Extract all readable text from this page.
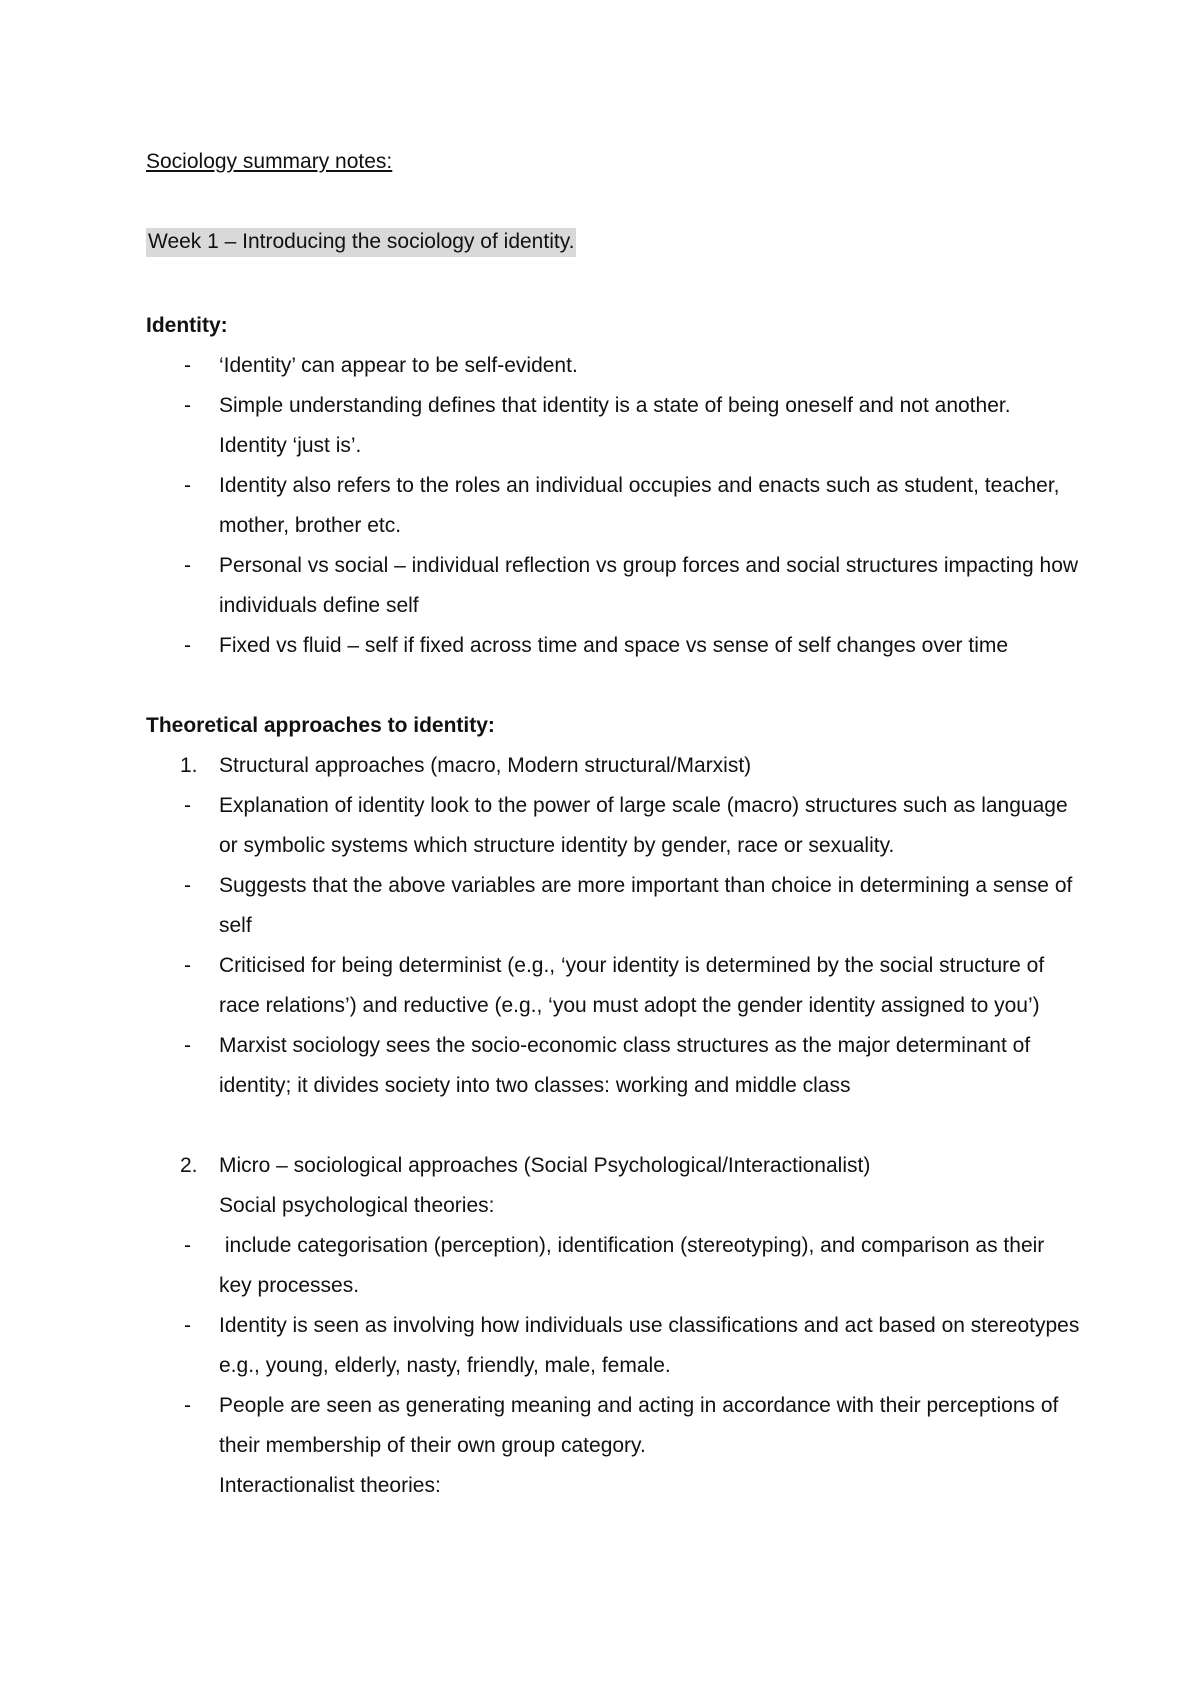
Sociology summary notes:
Week 1 – Introducing the sociology of identity.
Identity:
-	‘Identity’ can appear to be self-evident.
-	Simple understanding defines that identity is a state of being oneself and not another. Identity ‘just is’.
-	Identity also refers to the roles an individual occupies and enacts such as student, teacher, mother, brother etc.
-	Personal vs social – individual reflection vs group forces and social structures impacting how individuals define self
-	Fixed vs fluid – self if fixed across time and space vs sense of self changes over time
Theoretical approaches to identity:
1. Structural approaches (macro, Modern structural/Marxist)
-	Explanation of identity look to the power of large scale (macro) structures such as language or symbolic systems which structure identity by gender, race or sexuality.
-	Suggests that the above variables are more important than choice in determining a sense of self
-	Criticised for being determinist (e.g., ‘your identity is determined by the social structure of race relations’) and reductive (e.g., ‘you must adopt the gender identity assigned to you’)
-	Marxist sociology sees the socio-economic class structures as the major determinant of identity; it divides society into two classes: working and middle class
2. Micro – sociological approaches (Social Psychological/Interactionalist)
Social psychological theories:
-	include categorisation (perception), identification (stereotyping), and comparison as their key processes.
-	Identity is seen as involving how individuals use classifications and act based on stereotypes e.g., young, elderly, nasty, friendly, male, female.
-	People are seen as generating meaning and acting in accordance with their perceptions of their membership of their own group category.
Interactionalist theories:
